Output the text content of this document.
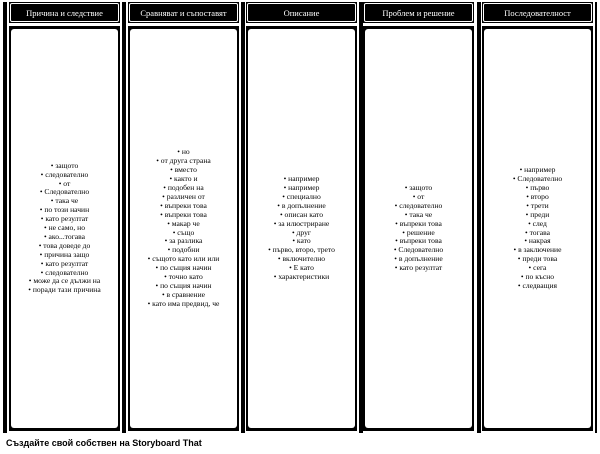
Причина и следствие
• защото
• следователно
• от
• Следователно
• така че
• по този начин
• като резултат
• не само, но
• ако...тогава
• това доведе до
• причина защо
• като резултат
• следователно
• може да се дължи на
• поради тази причина
Сравняват и съпоставят
• но
• от друга страна
• вместо
• както и
• подобен на
• различен от
• въпреки това
• въпреки това
• макар че
• също
• за разлика
• подобни
• същото като или или
• по същия начин
• точно като
• по същия начин
• в сравнение
• като има предвид, че
Описание
• например
• например
• специално
• в допълнение
• описан като
• за илюстриране
• друг
• като
• първо, второ, трето
• включително
• Е като
• характеристики
Проблем и решение
• защото
• от
• следователно
• така че
• въпреки това
• решение
• въпреки това
• Следователно
• в допълнение
• като резултат
Последователност
• например
• Следователно
• първо
• второ
• трети
• преди
• след
• тогава
• накрая
• в заключение
• преди това
• сега
• по късно
• следващия
Създайте свой собствен на Storyboard That
